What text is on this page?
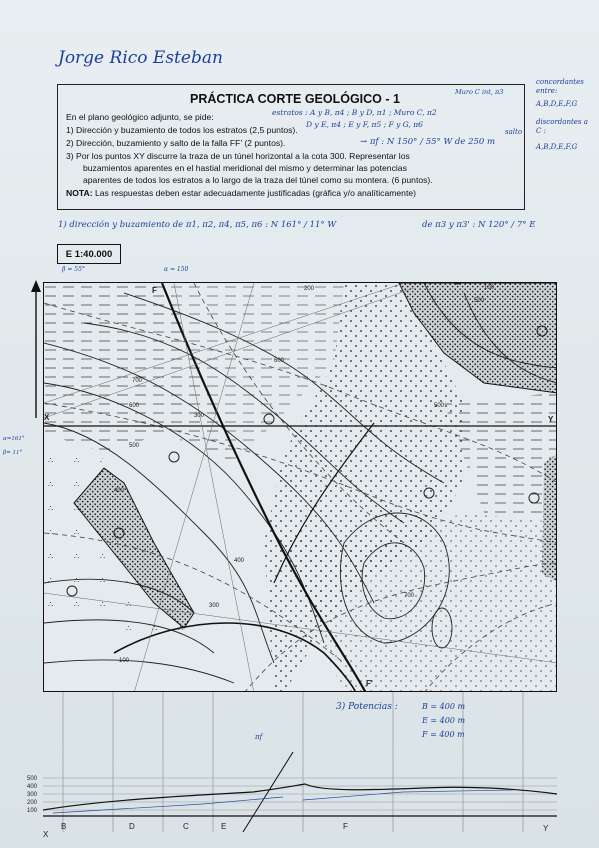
Jorge Rico Esteban
PRÁCTICA CORTE GEOLÓGICO - 1
En el plano geológico adjunto, se pide:
1) Dirección y buzamiento de todos los estratos (2,5 puntos).
2) Dirección, buzamiento y salto de la falla FF’ (2 puntos).
3) Por los puntos XY discurre la traza de un túnel horizontal a la cota 300. Representar los
buzamientos aparentes en el hastial meridional del mismo y determinar las potencias
aparentes de todos los estratos a lo largo de la traza del túnel como su montera. (6 puntos).
NOTA: Las respuestas deben estar adecuadamente justificadas (gráfica y/o analíticamente)
estratos : A y B, π4 ; B y D, π1 ; Muro C, π2
D y E, π4 ; E y F, π5 ; F y G, π6
Muro C int, π3
→ πf : N 150° / 55° W de 250 m
salto
concordantes entre:
A,B,D,E,F,G
discordantes a C :
A,B,D,E,F,G
1) dirección y buzamiento de π1, π2, π4, π5, π6 : N 161° / 11° W	de π3 y π3' : N 120° / 7° E
E 1:40.000
β = 55°	α = 150
α=161°
β= 11°
X	Y
F
F'
300
400
500
600
700
700
600
500
400
300
500
200
100
100
3) Potencias :	B = 400 m
E = 400 m
F = 400 m
πf
500
400
300
200
100
X
B	D	C	E	F	Y
